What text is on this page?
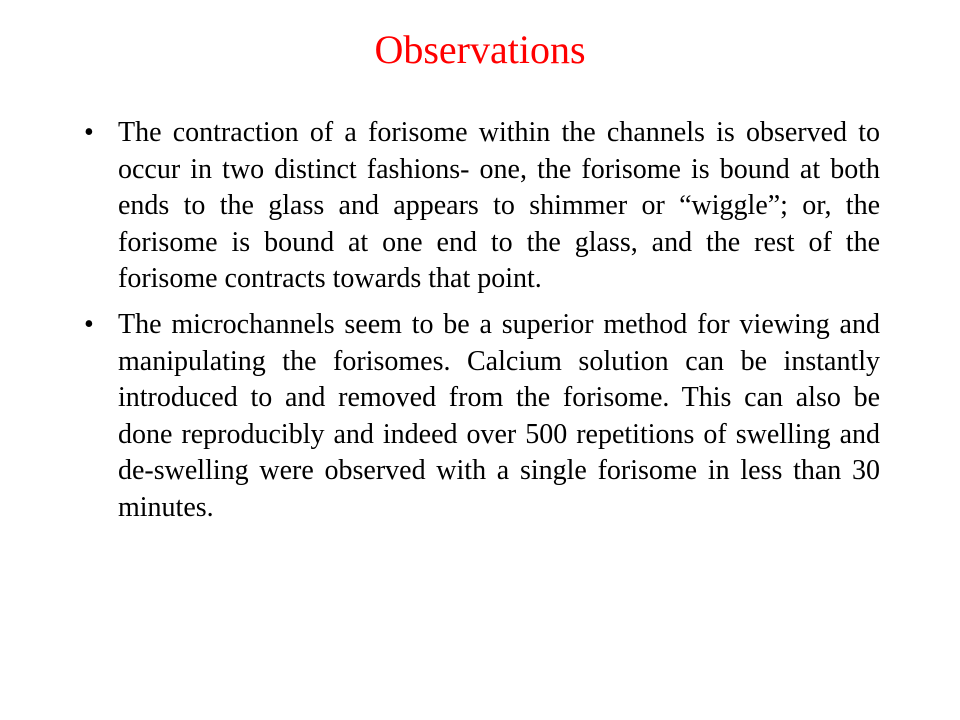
Observations
• The contraction of a forisome within the channels is observed to occur in two distinct fashions- one, the forisome is bound at both ends to the glass and appears to shimmer or “wiggle”; or, the forisome is bound at one end to the glass, and the rest of the forisome contracts towards that point.
• The microchannels seem to be a superior method for viewing and manipulating the forisomes. Calcium solution can be instantly introduced to and removed from the forisome. This can also be done reproducibly and indeed over 500 repetitions of swelling and de-swelling were observed with a single forisome in less than 30 minutes.
